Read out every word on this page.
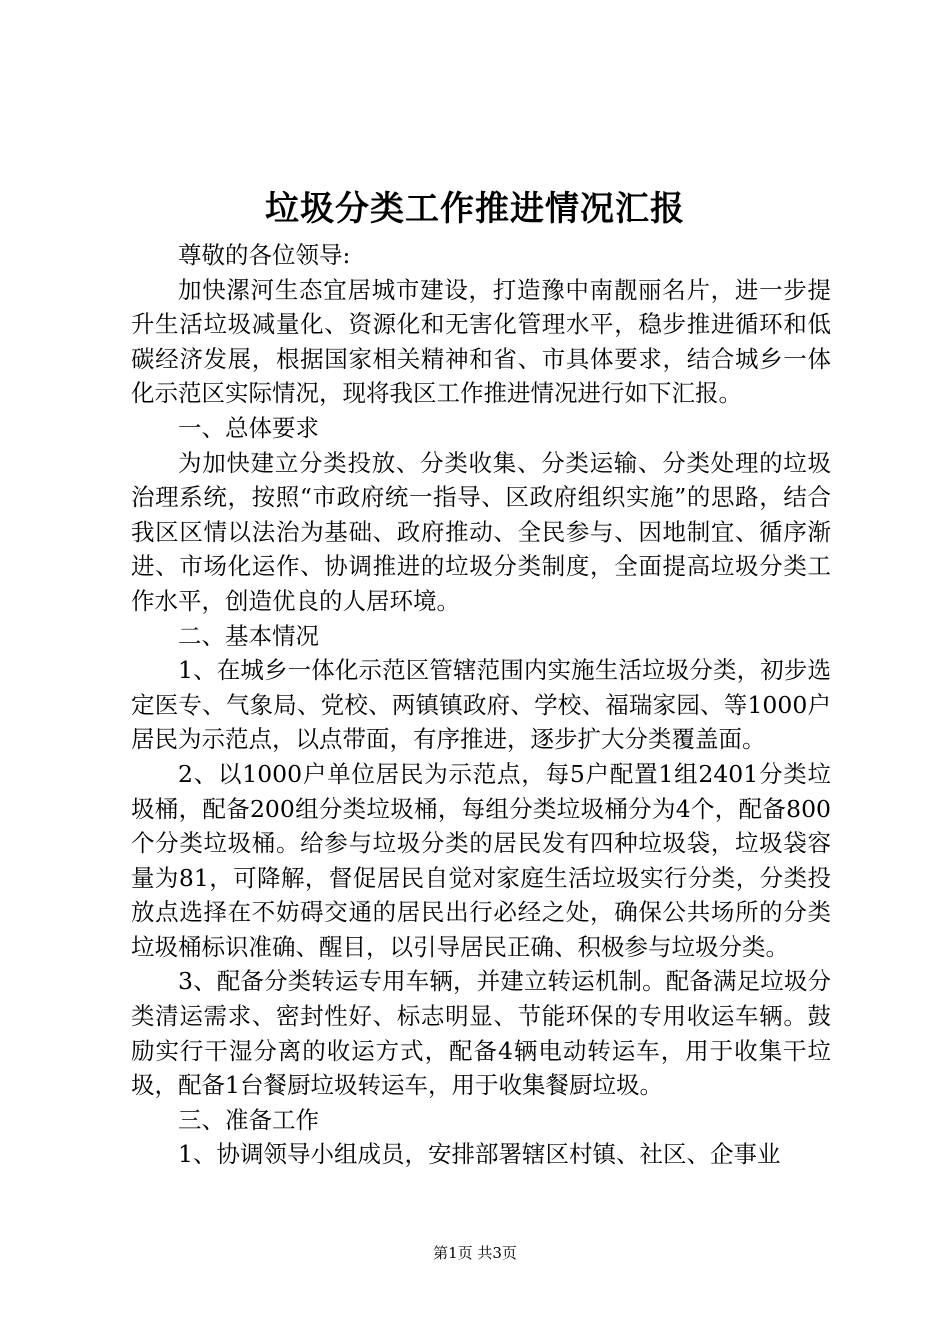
垃圾分类工作推进情况汇报

尊敬的各位领导:

加快漯河生态宜居城市建设，打造豫中南靓丽名片，进一步提升生活垃圾减量化、资源化和无害化管理水平，稳步推进循环和低碳经济发展，根据国家相关精神和省、市具体要求，结合城乡一体化示范区实际情况，现将我区工作推进情况进行如下汇报。

一、总体要求

为加快建立分类投放、分类收集、分类运输、分类处理的垃圾治理系统，按照“市政府统一指导、区政府组织实施”的思路，结合我区区情以法治为基础、政府推动、全民参与、因地制宜、循序渐进、市场化运作、协调推进的垃圾分类制度，全面提高垃圾分类工作水平，创造优良的人居环境。

二、基本情况

1、在城乡一体化示范区管辖范围内实施生活垃圾分类，初步选定医专、气象局、党校、两镇镇政府、学校、福瑞家园、等1000户居民为示范点，以点带面，有序推进，逐步扩大分类覆盖面。

2、以1000户单位居民为示范点，每5户配置1组2401分类垃圾桶，配备200组分类垃圾桶，每组分类垃圾桶分为4个，配备800个分类垃圾桶。给参与垃圾分类的居民发有四种垃圾袋，垃圾袋容量为81，可降解，督促居民自觉对家庭生活垃圾实行分类，分类投放点选择在不妨碍交通的居民出行必经之处，确保公共场所的分类垃圾桶标识准确、醒目，以引导居民正确、积极参与垃圾分类。

3、配备分类转运专用车辆，并建立转运机制。配备满足垃圾分类清运需求、密封性好、标志明显、节能环保的专用收运车辆。鼓励实行干湿分离的收运方式，配备4辆电动转运车，用于收集干垃圾，配备1台餐厨垃圾转运车，用于收集餐厨垃圾。

三、准备工作

1、协调领导小组成员，安排部署辖区村镇、社区、企事业

第1页 共3页
